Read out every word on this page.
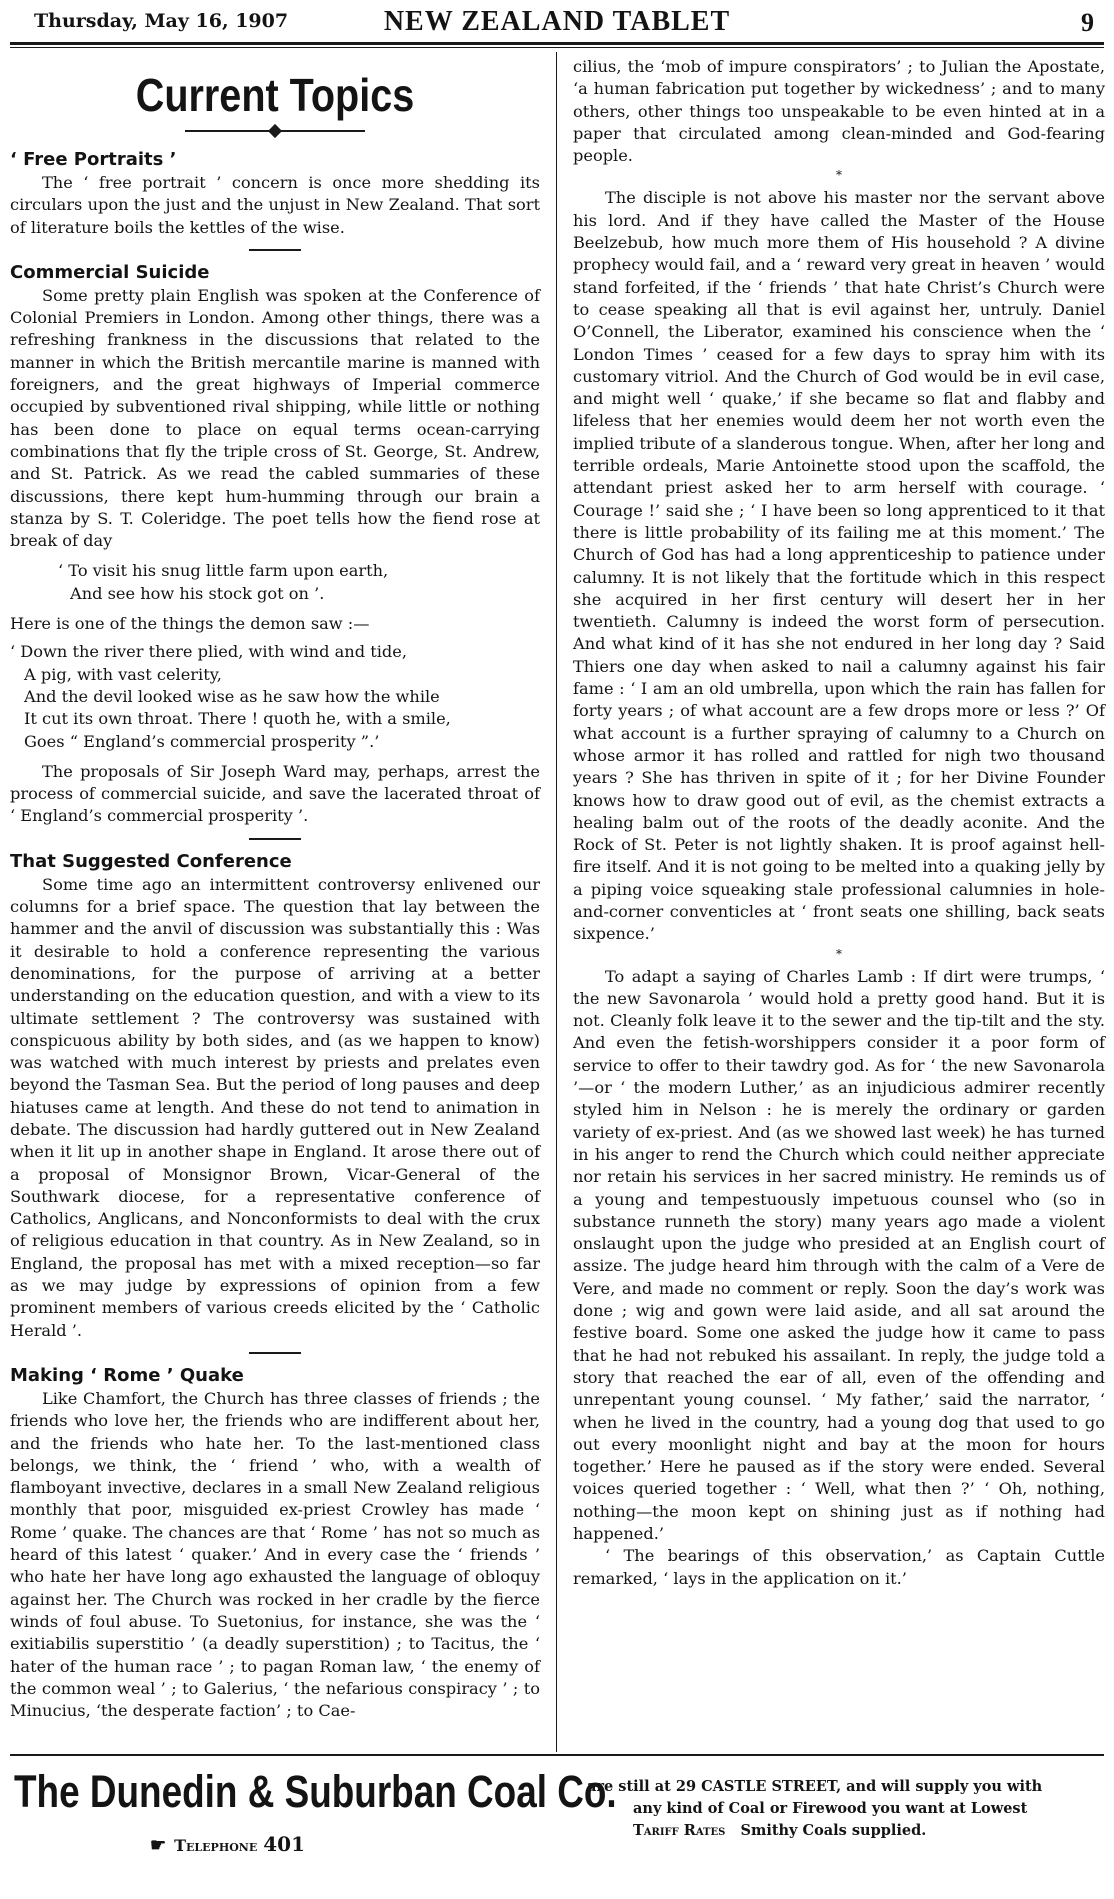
Thursday, May 16, 1907	NEW ZEALAND TABLET	9
Current Topics
‘ Free Portraits ’

The ‘ free portrait ’ concern is once more shedding its circulars upon the just and the unjust in New Zealand. That sort of literature boils the kettles of the wise.

Commercial Suicide

Some pretty plain English was spoken at the Conference of Colonial Premiers in London. Among other things, there was a refreshing frankness in the discussions that related to the manner in which the British mercantile marine is manned with foreigners, and the great highways of Imperial commerce occupied by subventioned rival shipping, while little or nothing has been done to place on equal terms ocean-carrying combinations that fly the triple cross of St. George, St. Andrew, and St. Patrick. As we read the cabled summaries of these discussions, there kept hum-humming through our brain a stanza by S. T. Coleridge. The poet tells how the fiend rose at break of day

‘ To visit his snug little farm upon earth,
And see how his stock got on ’.

Here is one of the things the demon saw :—

‘ Down the river there plied, with wind and tide,
A pig, with vast celerity,
And the devil looked wise as he saw how the while
It cut its own throat. There ! quoth he, with a smile,
Goes “ England’s commercial prosperity ”.’

The proposals of Sir Joseph Ward may, perhaps, arrest the process of commercial suicide, and save the lacerated throat of ‘ England’s commercial prosperity ’.

That Suggested Conference

Some time ago an intermittent controversy enlivened our columns for a brief space. The question that lay between the hammer and the anvil of discussion was substantially this : Was it desirable to hold a conference representing the various denominations, for the purpose of arriving at a better understanding on the education question, and with a view to its ultimate settlement ? The controversy was sustained with conspicuous ability by both sides, and (as we happen to know) was watched with much interest by priests and prelates even beyond the Tasman Sea. But the period of long pauses and deep hiatuses came at length. And these do not tend to animation in debate. The discussion had hardly guttered out in New Zealand when it lit up in another shape in England. It arose there out of a proposal of Monsignor Brown, Vicar-General of the Southwark diocese, for a representative conference of Catholics, Anglicans, and Nonconformists to deal with the crux of religious education in that country. As in New Zealand, so in England, the proposal has met with a mixed reception—so far as we may judge by expressions of opinion from a few prominent members of various creeds elicited by the ‘ Catholic Herald ’.

Making ‘ Rome ’ Quake

Like Chamfort, the Church has three classes of friends ; the friends who love her, the friends who are indifferent about her, and the friends who hate her. To the last-mentioned class belongs, we think, the ‘ friend ’ who, with a wealth of flamboyant invective, declares in a small New Zealand religious monthly that poor, misguided ex-priest Crowley has made ‘ Rome ’ quake. The chances are that ‘ Rome ’ has not so much as heard of this latest ‘ quaker.’ And in every case the ‘ friends ’ who hate her have long ago exhausted the language of obloquy against her. The Church was rocked in her cradle by the fierce winds of foul abuse. To Suetonius, for instance, she was the ‘ exitiabilis superstitio ’ (a deadly superstition) ; to Tacitus, the ‘ hater of the human race ’ ; to pagan Roman law, ‘ the enemy of the common weal ’ ; to Galerius, ‘ the nefarious conspiracy ’ ; to Minucius, ‘the desperate faction’ ; to Cae-

cilius, the ‘mob of impure conspirators’ ; to Julian the Apostate, ‘a human fabrication put together by wickedness’ ; and to many others, other things too unspeakable to be even hinted at in a paper that circulated among clean-minded and God-fearing people.

*

The disciple is not above his master nor the servant above his lord. And if they have called the Master of the House Beelzebub, how much more them of His household ? A divine prophecy would fail, and a ‘ reward very great in heaven ’ would stand forfeited, if the ‘ friends ’ that hate Christ’s Church were to cease speaking all that is evil against her, untruly. Daniel O’Connell, the Liberator, examined his conscience when the ‘ London Times ’ ceased for a few days to spray him with its customary vitriol. And the Church of God would be in evil case, and might well ‘ quake,’ if she became so flat and flabby and lifeless that her enemies would deem her not worth even the implied tribute of a slanderous tongue. When, after her long and terrible ordeals, Marie Antoinette stood upon the scaffold, the attendant priest asked her to arm herself with courage. ‘ Courage !’ said she ; ‘ I have been so long apprenticed to it that there is little probability of its failing me at this moment.’ The Church of God has had a long apprenticeship to patience under calumny. It is not likely that the fortitude which in this respect she acquired in her first century will desert her in her twentieth. Calumny is indeed the worst form of persecution. And what kind of it has she not endured in her long day ? Said Thiers one day when asked to nail a calumny against his fair fame : ‘ I am an old umbrella, upon which the rain has fallen for forty years ; of what account are a few drops more or less ?’ Of what account is a further spraying of calumny to a Church on whose armor it has rolled and rattled for nigh two thousand years ? She has thriven in spite of it ; for her Divine Founder knows how to draw good out of evil, as the chemist extracts a healing balm out of the roots of the deadly aconite. And the Rock of St. Peter is not lightly shaken. It is proof against hell-fire itself. And it is not going to be melted into a quaking jelly by a piping voice squeaking stale professional calumnies in hole-and-corner conventicles at ‘ front seats one shilling, back seats sixpence.’

*

To adapt a saying of Charles Lamb : If dirt were trumps, ‘ the new Savonarola ’ would hold a pretty good hand. But it is not. Cleanly folk leave it to the sewer and the tip-tilt and the sty. And even the fetish-worshippers consider it a poor form of service to offer to their tawdry god. As for ‘ the new Savonarola ’—or ‘ the modern Luther,’ as an injudicious admirer recently styled him in Nelson : he is merely the ordinary or garden variety of ex-priest. And (as we showed last week) he has turned in his anger to rend the Church which could neither appreciate nor retain his services in her sacred ministry. He reminds us of a young and tempestuously impetuous counsel who (so in substance runneth the story) many years ago made a violent onslaught upon the judge who presided at an English court of assize. The judge heard him through with the calm of a Vere de Vere, and made no comment or reply. Soon the day’s work was done ; wig and gown were laid aside, and all sat around the festive board. Some one asked the judge how it came to pass that he had not rebuked his assailant. In reply, the judge told a story that reached the ear of all, even of the offending and unrepentant young counsel. ‘ My father,’ said the narrator, ‘ when he lived in the country, had a young dog that used to go out every moonlight night and bay at the moon for hours together.’ Here he paused as if the story were ended. Several voices queried together : ‘ Well, what then ?’ ‘ Oh, nothing, nothing—the moon kept on shining just as if nothing had happened.’

‘ The bearings of this observation,’ as Captain Cuttle remarked, ‘ lays in the application on it.’

The Dunedin & Suburban Coal Co.
☛ Telephone 401
are still at 29 CASTLE STREET, and will supply you with
any kind of Coal or Firewood you want at Lowest
Tariff Rates Smithy Coals supplied.
